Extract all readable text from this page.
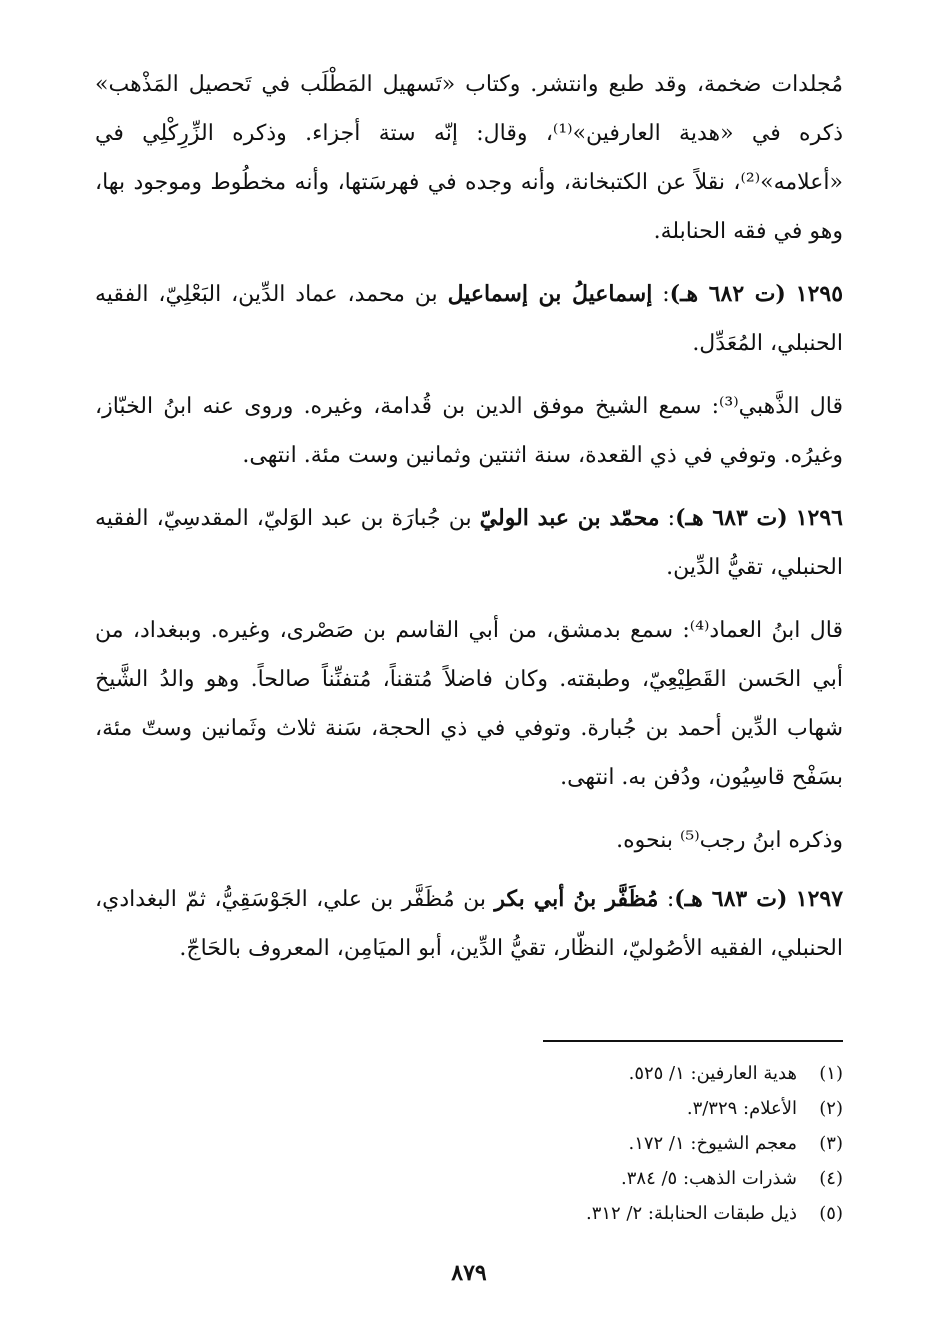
مُجلدات ضخمة، وقد طبع وانتشر. وكتاب «تَسهيل المَطْلَب في تَحصيل المَذْهب» ذكره في «هدية العارفين»⁽¹⁾، وقال: إنّه ستة أجزاء. وذكره الزِّرِكْلِي في «أعلامه»⁽²⁾، نقلاً عن الكتبخانة، وأنه وجده في فهرسَتها، وأنه مخطُوط وموجود بها، وهو في فقه الحنابلة.

١٢٩٥ (ت ٦٨٢ هـ): إسماعيلُ بن إسماعيل بن محمد، عماد الدِّين، البَعْلِيّ، الفقيه الحنبلي، المُعَدِّل.

قال الذَّهبي⁽³⁾: سمع الشيخ موفق الدين بن قُدامة، وغيره. وروى عنه ابنُ الخبّاز، وغيرُه. وتوفي في ذي القعدة، سنة اثنتين وثمانين وست مئة. انتهى.

١٢٩٦ (ت ٦٨٣ هـ): محمّد بن عبد الوليّ بن جُبارَة بن عبد الوَليّ، المقدسِيّ، الفقيه الحنبلي، تقيُّ الدِّين.

قال ابنُ العماد⁽⁴⁾: سمع بدمشق، من أبي القاسم بن صَصْرى، وغيره. وببغداد، من أبي الحَسن القَطِيْعِيّ، وطبقته. وكان فاضلاً مُتقناً، مُتفنِّناً صالحاً. وهو والدُ الشَّيخ شهاب الدِّين أحمد بن جُبارة. وتوفي في ذي الحجة، سَنة ثلاث وثَمانين وستّ مئة، بسَفْح قاسِيُون، ودُفن به. انتهى.

وذكره ابنُ رجب⁽⁵⁾ بنحوه.

١٢٩٧ (ت ٦٨٣ هـ): مُظَفَّر بنُ أبي بكر بن مُظَفَّر بن علي، الجَوْسَقِيُّ، ثمّ البغدادي، الحنبلي، الفقيه الأصُوليّ، النظّار، تقيُّ الدِّين، أبو الميَامِن، المعروف بالحَاجّ.

(١)
هدية العارفين: ١/ ٥٢٥.
(٢)
الأعلام: ٣/٣٢٩.
(٣)
معجم الشيوخ: ١/ ١٧٢.
(٤)
شذرات الذهب: ٥/ ٣٨٤.
(٥)
ذيل طبقات الحنابلة: ٢/ ٣١٢.
٨٧٩
